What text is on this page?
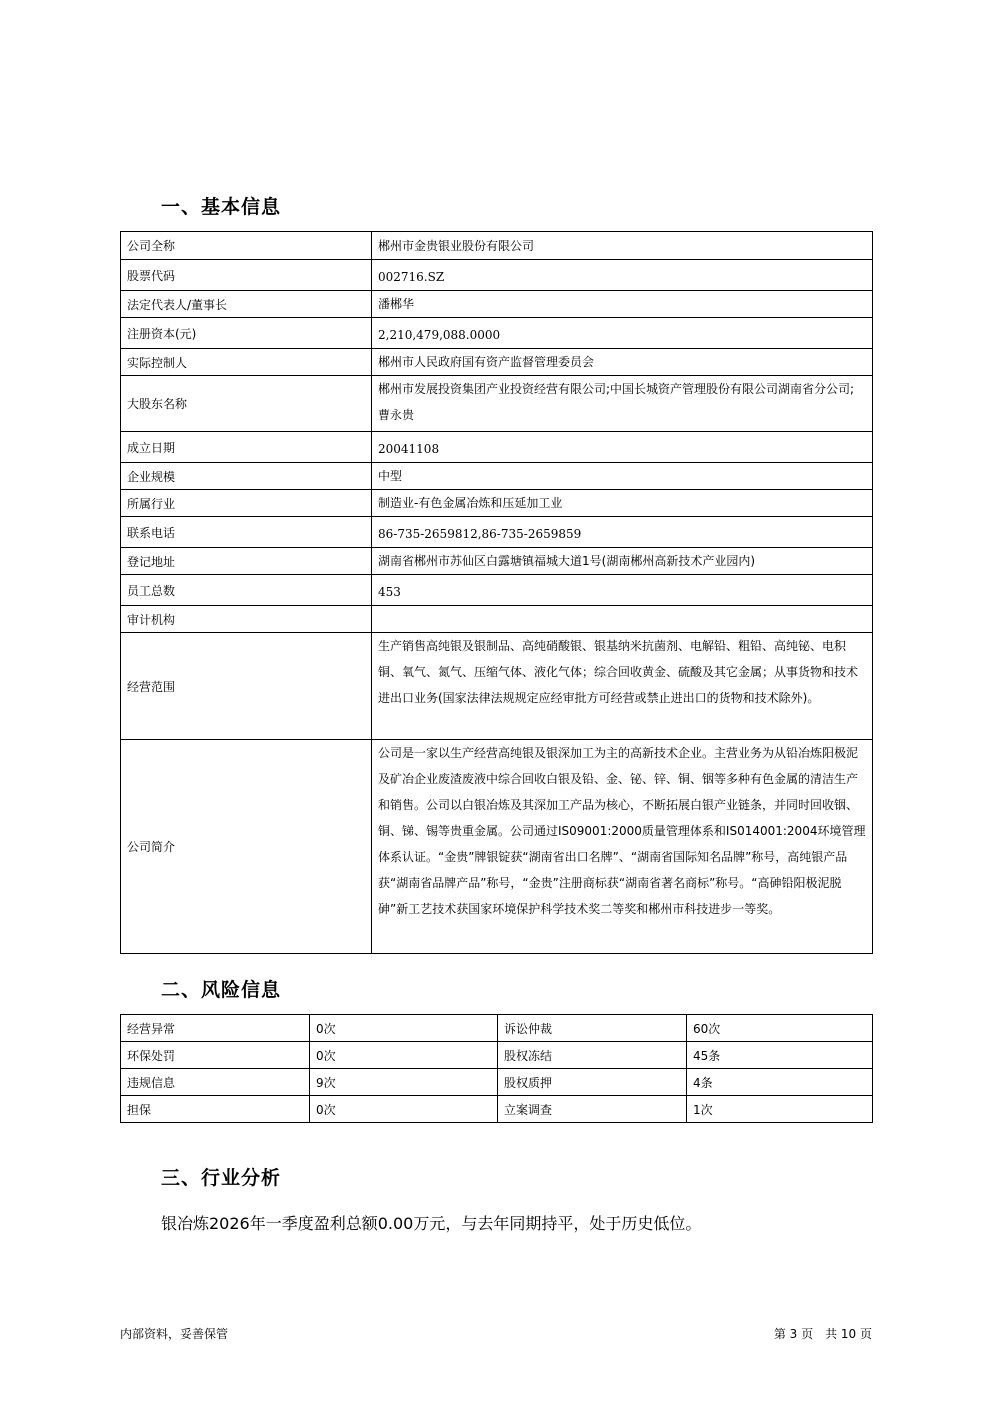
一、基本信息
公司全称	郴州市金贵银业股份有限公司
股票代码	002716.SZ
法定代表人/董事长	潘郴华
注册资本(元)	2,210,479,088.0000
实际控制人	郴州市人民政府国有资产监督管理委员会
大股东名称	郴州市发展投资集团产业投资经营有限公司;中国长城资产管理股份有限公司湖南省分公司;曹永贵
成立日期	20041108
企业规模	中型
所属行业	制造业-有色金属冶炼和压延加工业
联系电话	86-735-2659812,86-735-2659859
登记地址	湖南省郴州市苏仙区白露塘镇福城大道1号(湖南郴州高新技术产业园内)
员工总数	453
审计机构	
经营范围	生产销售高纯银及银制品、高纯硝酸银、银基纳米抗菌剂、电解铅、粗铅、高纯铋、电积铜、氧气、氮气、压缩气体、液化气体；综合回收黄金、硫酸及其它金属；从事货物和技术进出口业务(国家法律法规规定应经审批方可经营或禁止进出口的货物和技术除外)。
公司简介	公司是一家以生产经营高纯银及银深加工为主的高新技术企业。主营业务为从铅冶炼阳极泥及矿冶企业废渣废液中综合回收白银及铅、金、铋、锌、铜、铟等多种有色金属的清洁生产和销售。公司以白银冶炼及其深加工产品为核心，不断拓展白银产业链条，并同时回收铟、铜、锑、锡等贵重金属。公司通过IS09001:2000质量管理体系和IS014001:2004环境管理体系认证。“金贵”牌银锭获“湖南省出口名牌”、“湖南省国际知名品牌”称号，高纯银产品获“湖南省品牌产品”称号，“金贵”注册商标获“湖南省著名商标”称号。“高砷铅阳极泥脱砷”新工艺技术获国家环境保护科学技术奖二等奖和郴州市科技进步一等奖。
二、风险信息
经营异常	0次	诉讼仲裁	60次
环保处罚	0次	股权冻结	45条
违规信息	9次	股权质押	4条
担保	0次	立案调查	1次
三、行业分析
银冶炼2026年一季度盈利总额0.00万元，与去年同期持平，处于历史低位。
内部资料，妥善保管	第 3 页　共 10 页
